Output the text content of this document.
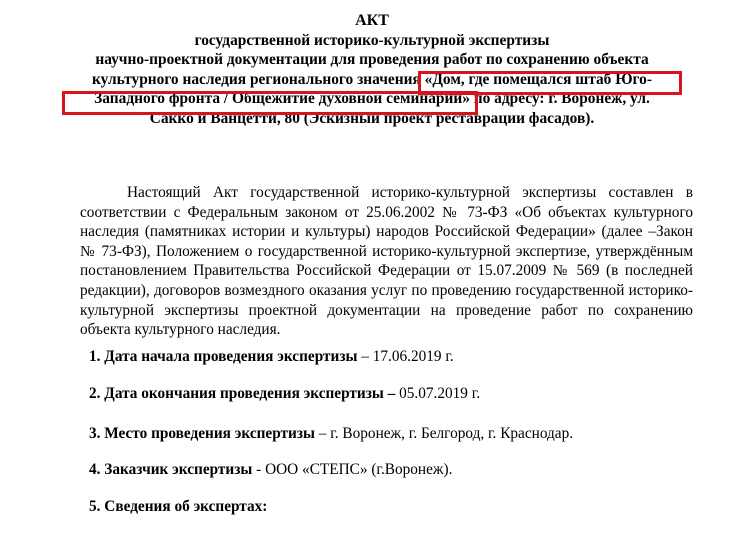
АКТ
государственной историко-культурной экспертизы
научно-проектной документации для проведения работ по сохранению объекта
культурного наследия регионального значения «Дом, где помещался штаб Юго-
Западного фронта / Общежитие духовной семинарии» по адресу: г. Воронеж, ул.
Сакко и Ванцетти, 80 (Эскизный проект реставрации фасадов).
Настоящий Акт государственной историко-культурной экспертизы составлен в соответствии с Федеральным законом от 25.06.2002 № 73-ФЗ «Об объектах культурного наследия (памятниках истории и культуры) народов Российской Федерации» (далее –Закон № 73-ФЗ), Положением о государственной историко-культурной экспертизе, утверждённым постановлением Правительства Российской Федерации от 15.07.2009 № 569 (в последней редакции), договоров возмездного оказания услуг по проведению государственной историко-культурной экспертизы проектной документации на проведение работ по сохранению объекта культурного наследия.
1. Дата начала проведения экспертизы – 17.06.2019 г.
2. Дата окончания проведения экспертизы – 05.07.2019 г.
3. Место проведения экспертизы – г. Воронеж, г. Белгород, г. Краснодар.
4. Заказчик экспертизы - ООО «СТЕПС» (г.Воронеж).
5. Сведения об экспертах:
